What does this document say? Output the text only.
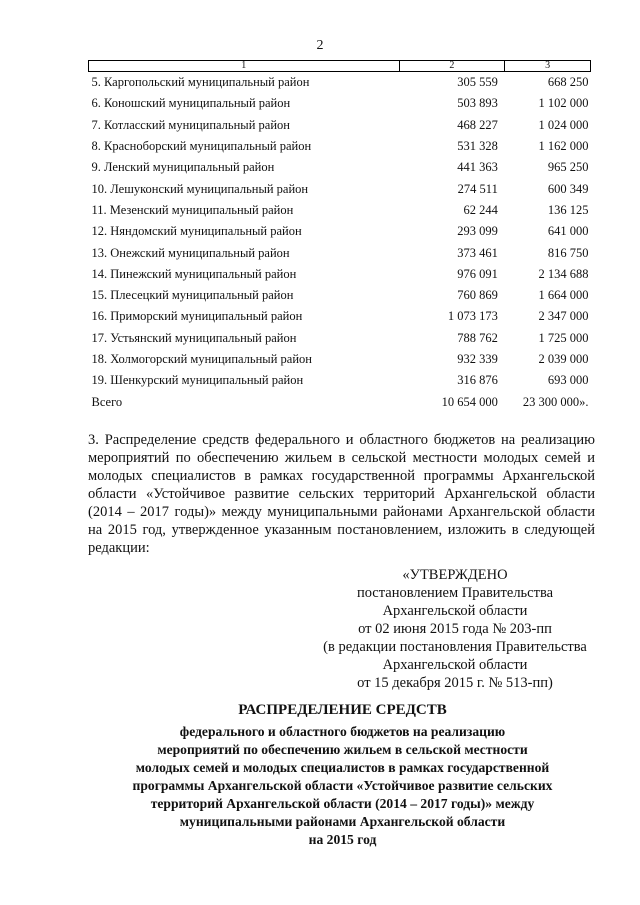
2
1	2	3
5. Каргопольский муниципальный район	305 559	668 250
6. Коношский муниципальный район	503 893	1 102 000
7. Котласский муниципальный район	468 227	1 024 000
8. Красноборский муниципальный район	531 328	1 162 000
9. Ленский муниципальный район	441 363	965 250
10. Лешуконский муниципальный район	274 511	600 349
11. Мезенский муниципальный район	62 244	136 125
12. Няндомский муниципальный район	293 099	641 000
13. Онежский муниципальный район	373 461	816 750
14. Пинежский муниципальный район	976 091	2 134 688
15. Плесецкий муниципальный район	760 869	1 664 000
16. Приморский муниципальный район	1 073 173	2 347 000
17. Устьянский муниципальный район	788 762	1 725 000
18. Холмогорский муниципальный район	932 339	2 039 000
19. Шенкурский муниципальный район	316 876	693 000
Всего	10 654 000	23 300 000».

3. Распределение средств федерального и областного бюджетов на реализацию мероприятий по обеспечению жильем в сельской местности молодых семей и молодых специалистов в рамках государственной программы Архангельской области «Устойчивое развитие сельских территорий Архангельской области (2014 – 2017 годы)» между муниципальными районами Архангельской области на 2015 год, утвержденное указанным постановлением, изложить в следующей редакции:

«УТВЕРЖДЕНО
постановлением Правительства
Архангельской области
от 02 июня 2015 года № 203-пп
(в редакции постановления Правительства
Архангельской области
от 15 декабря 2015 г. № 513-пп)
РАСПРЕДЕЛЕНИЕ СРЕДСТВ
федерального и областного бюджетов на реализацию
мероприятий по обеспечению жильем в сельской местности
молодых семей и молодых специалистов в рамках государственной
программы Архангельской области «Устойчивое развитие сельских
территорий Архангельской области (2014 – 2017 годы)» между
муниципальными районами Архангельской области
на 2015 год
